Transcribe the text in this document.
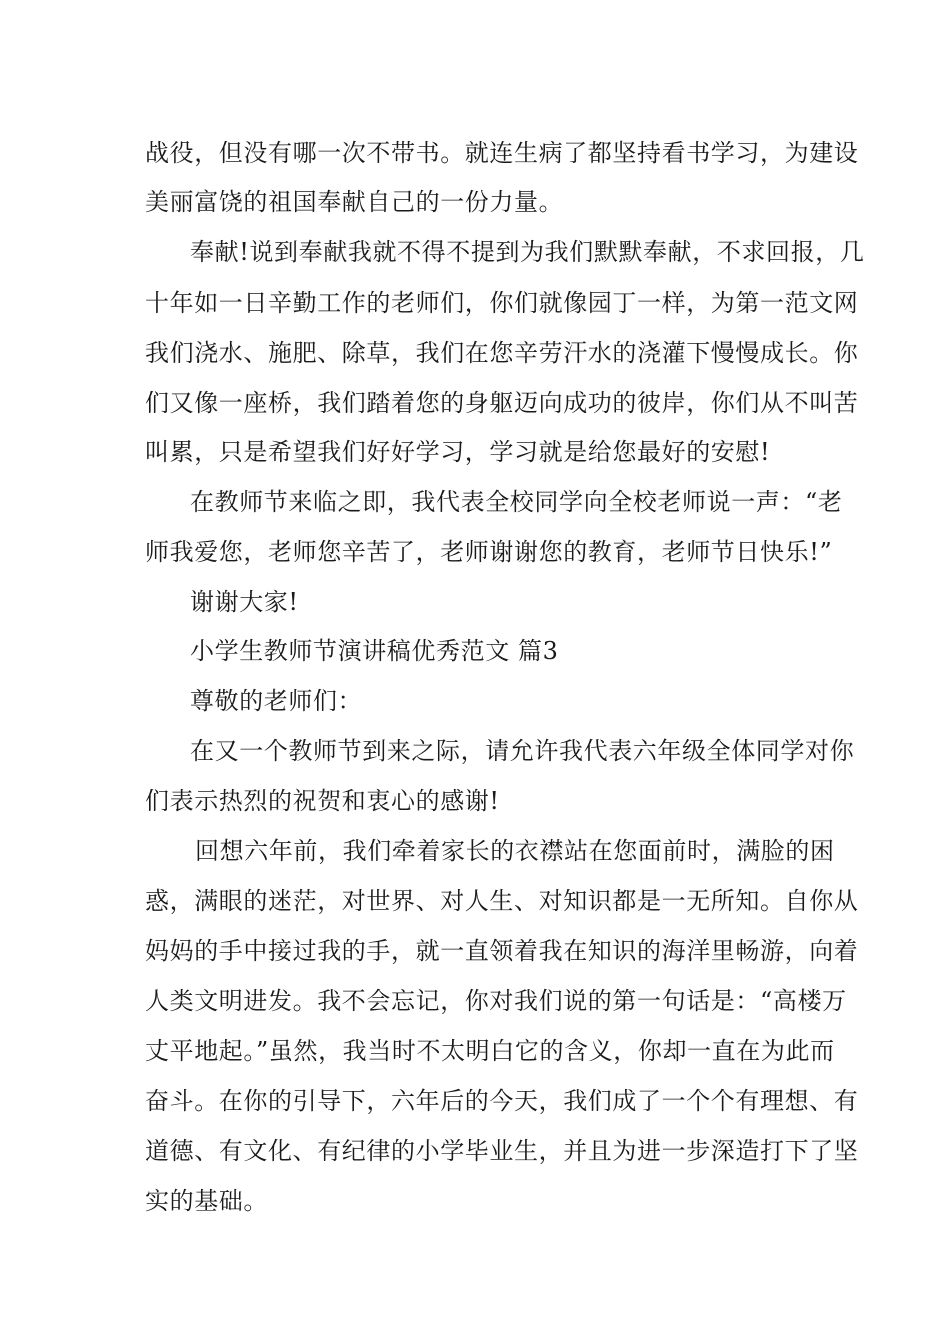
战役，但没有哪一次不带书。就连生病了都坚持看书学习，为建设
美丽富饶的祖国奉献自己的一份力量。
奉献!说到奉献我就不得不提到为我们默默奉献，不求回报，几
十年如一日辛勤工作的老师们，你们就像园丁一样，为第一范文网
我们浇水、施肥、除草，我们在您辛劳汗水的浇灌下慢慢成长。你
们又像一座桥，我们踏着您的身躯迈向成功的彼岸，你们从不叫苦
叫累，只是希望我们好好学习，学习就是给您最好的安慰!
在教师节来临之即，我代表全校同学向全校老师说一声：“老
师我爱您，老师您辛苦了，老师谢谢您的教育，老师节日快乐!”
谢谢大家!
小学生教师节演讲稿优秀范文 篇3
尊敬的老师们：
在又一个教师节到来之际，请允许我代表六年级全体同学对你
们表示热烈的祝贺和衷心的感谢!
回想六年前，我们牵着家长的衣襟站在您面前时，满脸的困
惑，满眼的迷茫，对世界、对人生、对知识都是一无所知。自你从
妈妈的手中接过我的手，就一直领着我在知识的海洋里畅游，向着
人类文明进发。我不会忘记，你对我们说的第一句话是：“高楼万
丈平地起。”虽然，我当时不太明白它的含义，你却一直在为此而
奋斗。在你的引导下，六年后的今天，我们成了一个个有理想、有
道德、有文化、有纪律的小学毕业生，并且为进一步深造打下了坚
实的基础。
